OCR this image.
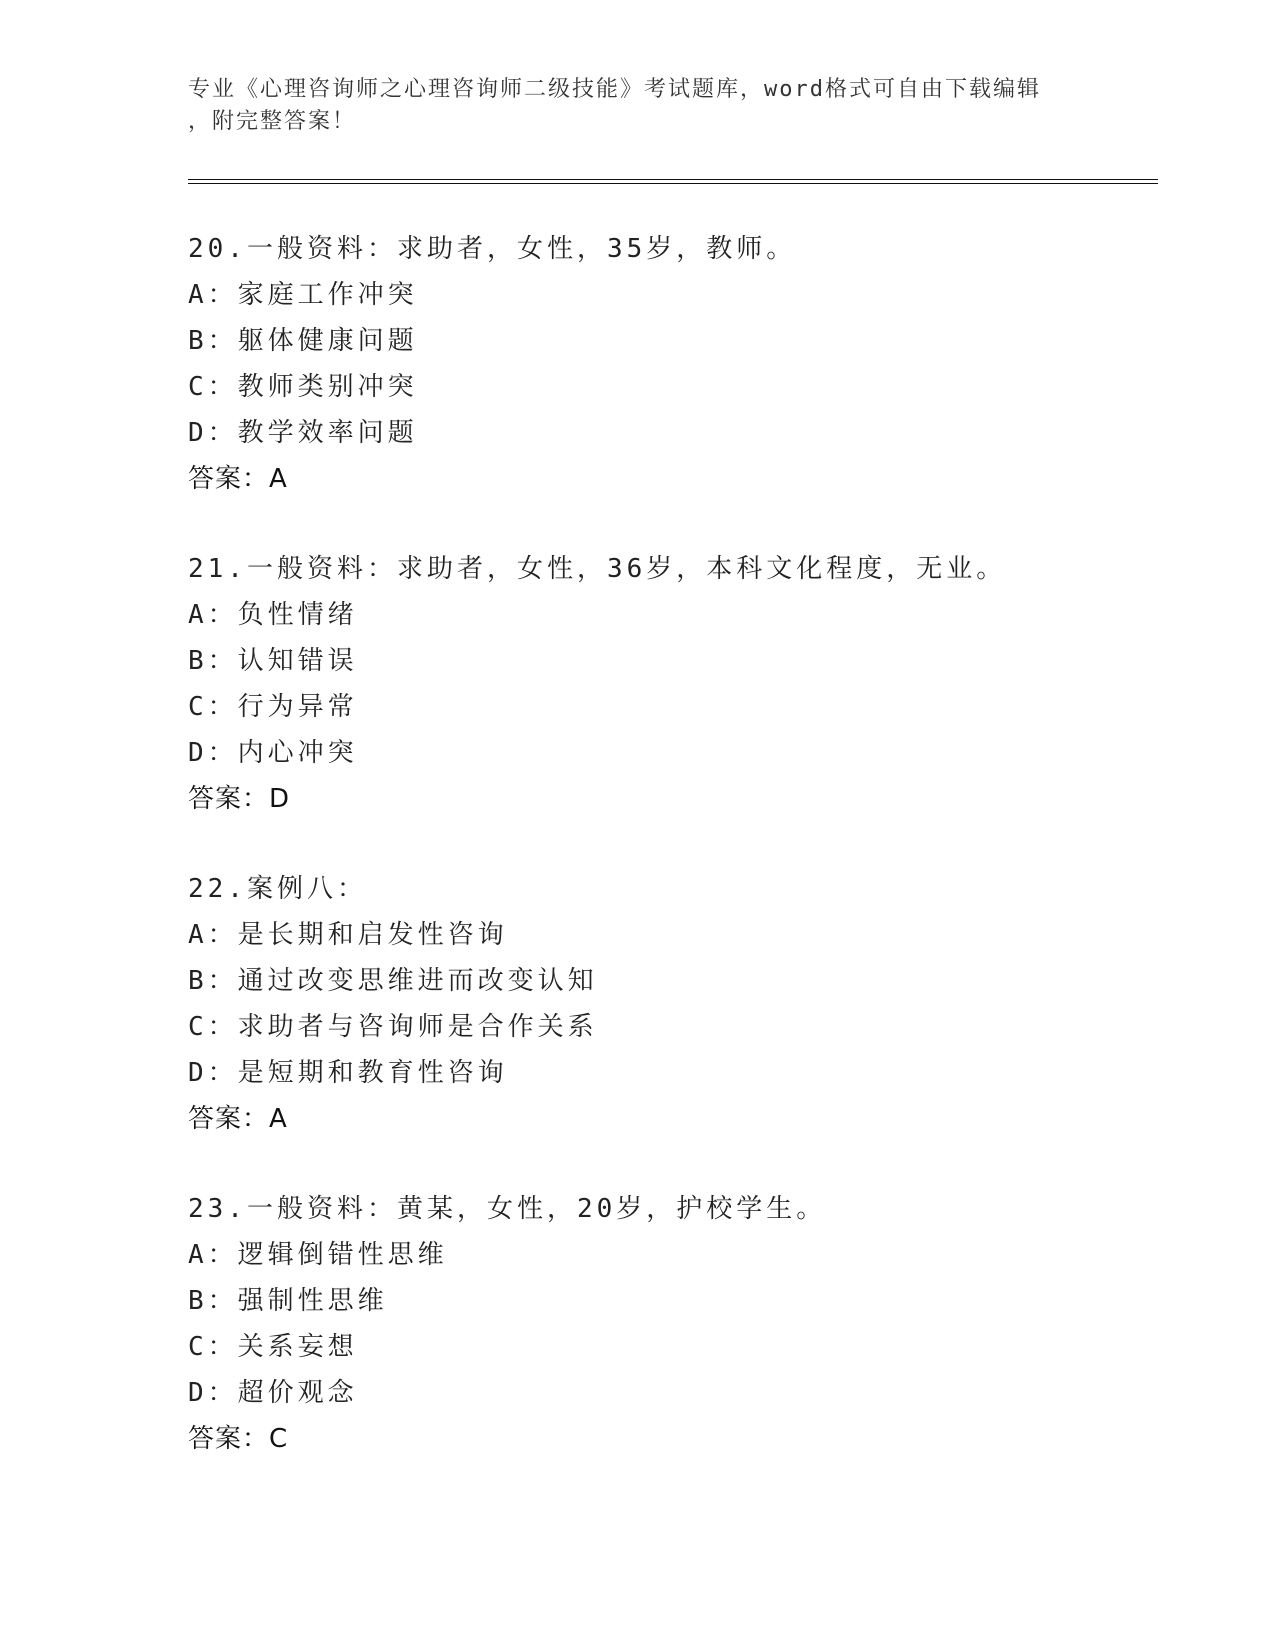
专业《心理咨询师之心理咨询师二级技能》考试题库，word格式可自由下载编辑
，附完整答案！
20.一般资料：求助者，女性，35岁，教师。
A：家庭工作冲突
B：躯体健康问题
C：教师类别冲突
D：教学效率问题
答案：A
21.一般资料：求助者，女性，36岁，本科文化程度，无业。
A：负性情绪
B：认知错误
C：行为异常
D：内心冲突
答案：D
22.案例八：
A：是长期和启发性咨询
B：通过改变思维进而改变认知
C：求助者与咨询师是合作关系
D：是短期和教育性咨询
答案：A
23.一般资料：黄某，女性，20岁，护校学生。
A：逻辑倒错性思维
B：强制性思维
C：关系妄想
D：超价观念
答案：C
